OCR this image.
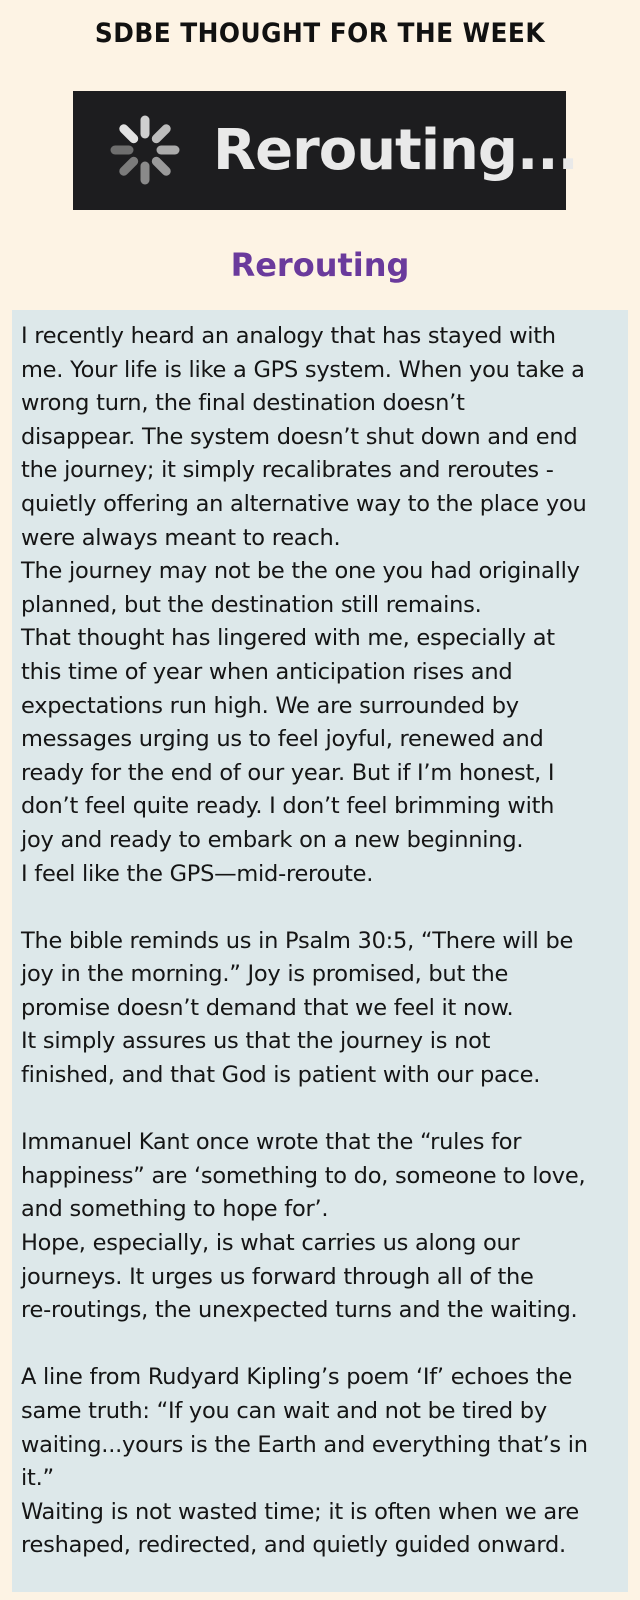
SDBE THOUGHT FOR THE WEEK
Rerouting...
Rerouting

I recently heard an analogy that has stayed with
me. Your life is like a GPS system. When you take a
wrong turn, the final destination doesn’t
disappear. The system doesn’t shut down and end
the journey; it simply recalibrates and reroutes -
quietly offering an alternative way to the place you
were always meant to reach.
The journey may not be the one you had originally
planned, but the destination still remains.
That thought has lingered with me, especially at
this time of year when anticipation rises and
expectations run high. We are surrounded by
messages urging us to feel joyful, renewed and
ready for the end of our year. But if I’m honest, I
don’t feel quite ready. I don’t feel brimming with
joy and ready to embark on a new beginning.
I feel like the GPS—mid-reroute.

The bible reminds us in Psalm 30:5, “There will be
joy in the morning.” Joy is promised, but the
promise doesn’t demand that we feel it now.
It simply assures us that the journey is not
finished, and that God is patient with our pace.

Immanuel Kant once wrote that the “rules for
happiness” are ‘something to do, someone to love,
and something to hope for’.
Hope, especially, is what carries us along our
journeys. It urges us forward through all of the
re-routings, the unexpected turns and the waiting.

A line from Rudyard Kipling’s poem ‘If’ echoes the
same truth: “If you can wait and not be tired by
waiting...yours is the Earth and everything that’s in
it.”
Waiting is not wasted time; it is often when we are
reshaped, redirected, and quietly guided onward.
